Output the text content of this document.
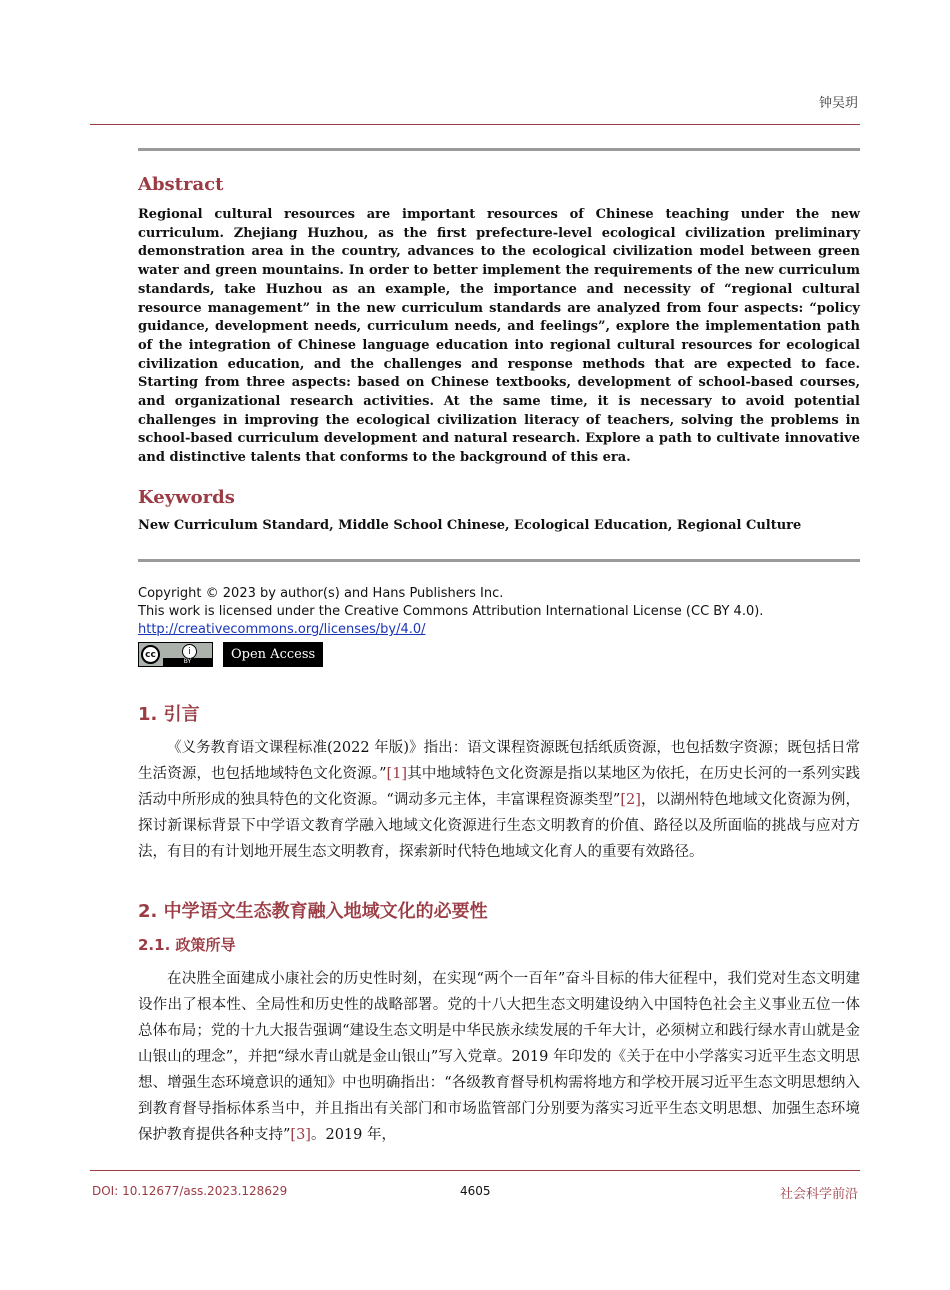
钟吴玥
Abstract
Regional cultural resources are important resources of Chinese teaching under the new curriculum. Zhejiang Huzhou, as the first prefecture-level ecological civilization preliminary demonstration area in the country, advances to the ecological civilization model between green water and green mountains. In order to better implement the requirements of the new curriculum standards, take Huzhou as an example, the importance and necessity of “regional cultural resource management” in the new curriculum standards are analyzed from four aspects: “policy guidance, development needs, curriculum needs, and feelings”, explore the implementation path of the integration of Chinese language education into regional cultural resources for ecological civilization education, and the challenges and response methods that are expected to face. Starting from three aspects: based on Chinese textbooks, development of school-based courses, and organizational research activities. At the same time, it is necessary to avoid potential challenges in improving the ecological civilization literacy of teachers, solving the problems in school-based curriculum development and natural research. Explore a path to cultivate innovative and distinctive talents that conforms to the background of this era.
Keywords
New Curriculum Standard, Middle School Chinese, Ecological Education, Regional Culture
Copyright © 2023 by author(s) and Hans Publishers Inc.
This work is licensed under the Creative Commons Attribution International License (CC BY 4.0).
http://creativecommons.org/licenses/by/4.0/
cc	i
BY	Open Access
1. 引言
《义务教育语文课程标准(2022 年版)》指出：语文课程资源既包括纸质资源，也包括数字资源；既包括日常生活资源，也包括地域特色文化资源。”[1]其中地域特色文化资源是指以某地区为依托，在历史长河的一系列实践活动中所形成的独具特色的文化资源。“调动多元主体，丰富课程资源类型”[2]，以湖州特色地域文化资源为例，探讨新课标背景下中学语文教育学融入地域文化资源进行生态文明教育的价值、路径以及所面临的挑战与应对方法，有目的有计划地开展生态文明教育，探索新时代特色地域文化育人的重要有效路径。
2. 中学语文生态教育融入地域文化的必要性
2.1. 政策所导
在决胜全面建成小康社会的历史性时刻，在实现“两个一百年”奋斗目标的伟大征程中，我们党对生态文明建设作出了根本性、全局性和历史性的战略部署。党的十八大把生态文明建设纳入中国特色社会主义事业五位一体总体布局；党的十九大报告强调“建设生态文明是中华民族永续发展的千年大计，必须树立和践行绿水青山就是金山银山的理念”，并把“绿水青山就是金山银山”写入党章。2019 年印发的《关于在中小学落实习近平生态文明思想、增强生态环境意识的通知》中也明确指出：“各级教育督导机构需将地方和学校开展习近平生态文明思想纳入到教育督导指标体系当中，并且指出有关部门和市场监管部门分别要为落实习近平生态文明思想、加强生态环境保护教育提供各种支持”[3]。2019 年，
DOI: 10.12677/ass.2023.128629	4605	社会科学前沿
